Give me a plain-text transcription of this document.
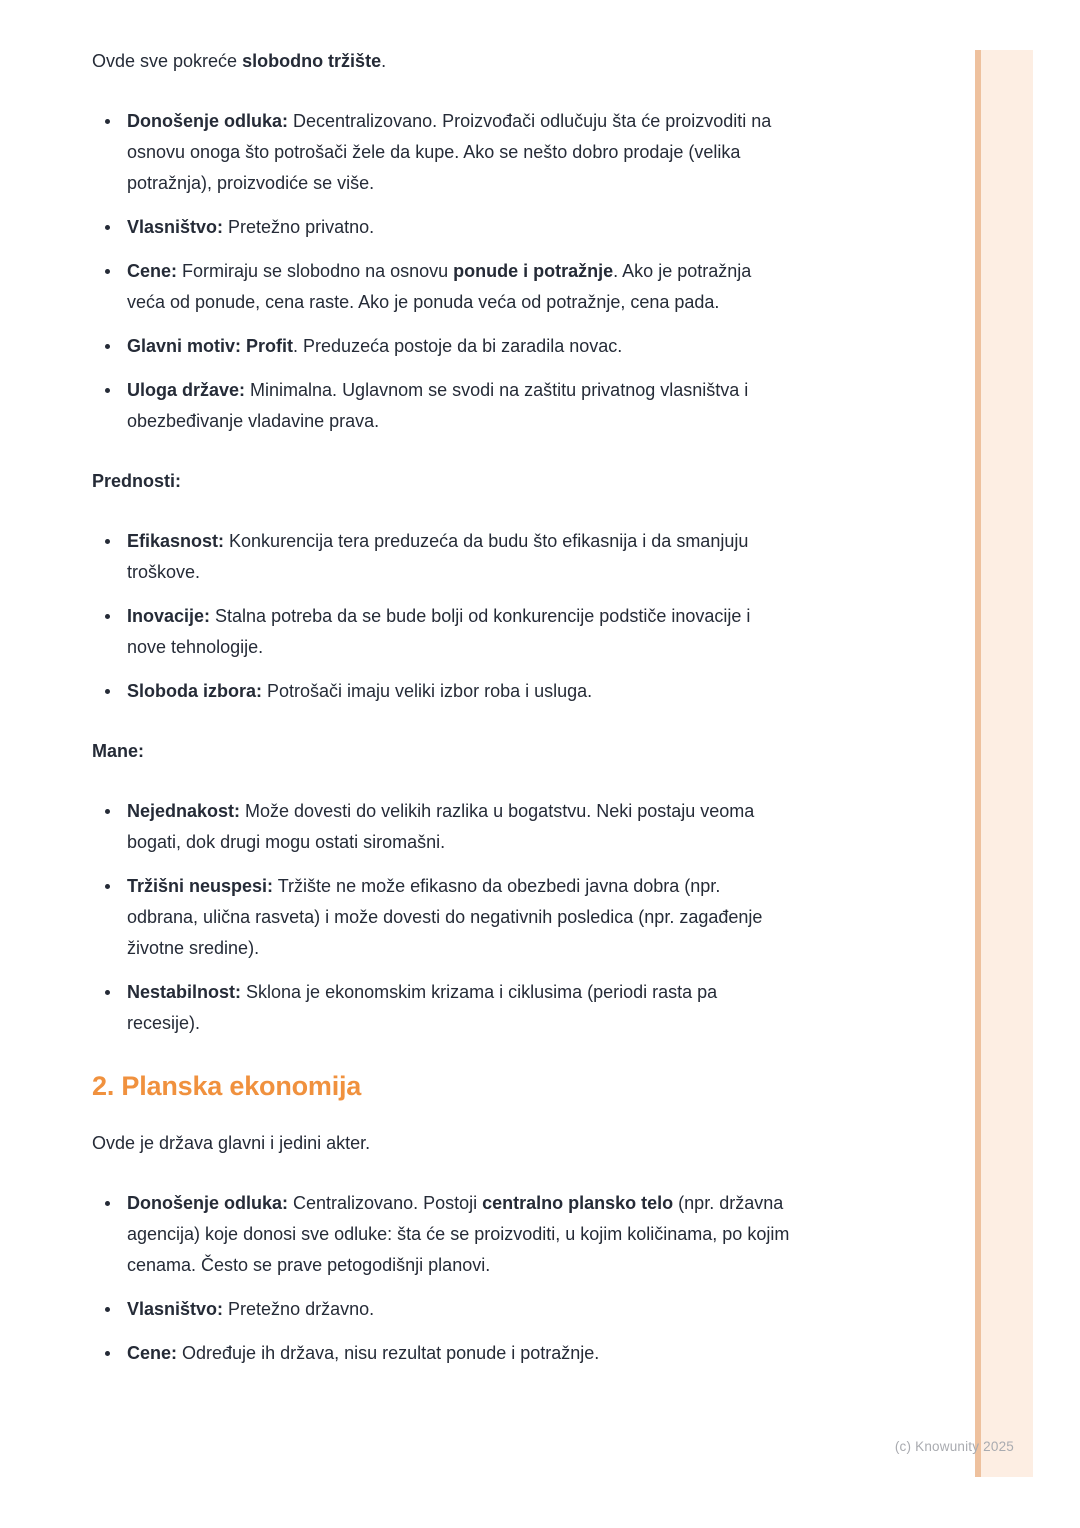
Ovde sve pokreće slobodno tržište.

Donošenje odluka: Decentralizovano. Proizvođači odlučuju šta će proizvoditi na osnovu onoga što potrošači žele da kupe. Ako se nešto dobro prodaje (velika potražnja), proizvodiće se više.
Vlasništvo: Pretežno privatno.
Cene: Formiraju se slobodno na osnovu ponude i potražnje. Ako je potražnja veća od ponude, cena raste. Ako je ponuda veća od potražnje, cena pada.
Glavni motiv: Profit. Preduzeća postoje da bi zaradila novac.
Uloga države: Minimalna. Uglavnom se svodi na zaštitu privatnog vlasništva i obezbeđivanje vladavine prava.
Prednosti:
Efikasnost: Konkurencija tera preduzeća da budu što efikasnija i da smanjuju troškove.
Inovacije: Stalna potreba da se bude bolji od konkurencije podstiče inovacije i nove tehnologije.
Sloboda izbora: Potrošači imaju veliki izbor roba i usluga.
Mane:
Nejednakost: Može dovesti do velikih razlika u bogatstvu. Neki postaju veoma bogati, dok drugi mogu ostati siromašni.
Tržišni neuspesi: Tržište ne može efikasno da obezbedi javna dobra (npr. odbrana, ulična rasveta) i može dovesti do negativnih posledica (npr. zagađenje životne sredine).
Nestabilnost: Sklona je ekonomskim krizama i ciklusima (periodi rasta pa recesije).
2. Planska ekonomija

Ovde je država glavni i jedini akter.

Donošenje odluka: Centralizovano. Postoji centralno plansko telo (npr. državna agencija) koje donosi sve odluke: šta će se proizvoditi, u kojim količinama, po kojim cenama. Često se prave petogodišnji planovi.
Vlasništvo: Pretežno državno.
Cene: Određuje ih država, nisu rezultat ponude i potražnje.
(c) Knowunity 2025
